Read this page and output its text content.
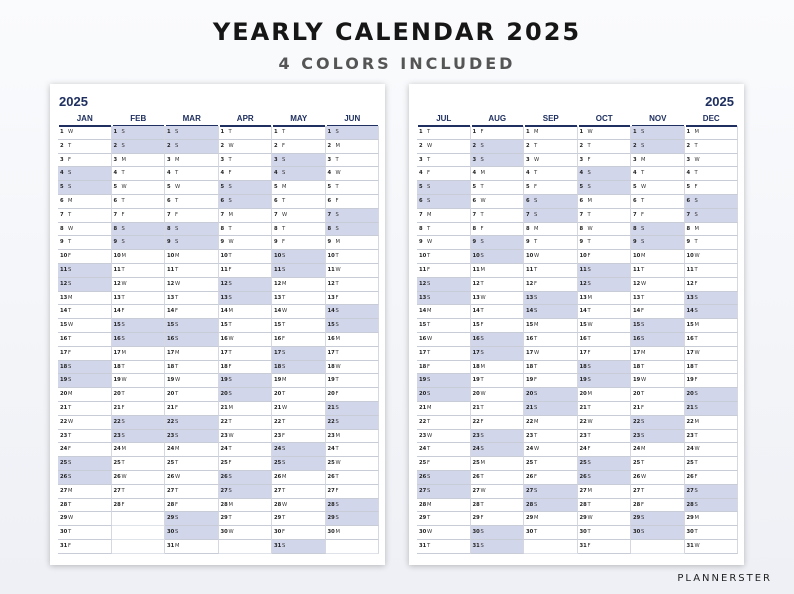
YEARLY CALENDAR 2025
4 COLORS INCLUDED
2025
JAN
1 W
2 T
3 F
4 S
5 S
6 M
7 T
8 W
9 T
10 F
11 S
12 S
13 M
14 T
15 W
16 T
17 F
18 S
19 S
20 M
21 T
22 W
23 T
24 F
25 S
26 S
27 M
28 T
29 W
30 T
31 F
FEB
1 S
2 S
3 M
4 T
5 W
6 T
7 F
8 S
9 S
10 M
11 T
12 W
13 T
14 F
15 S
16 S
17 M
18 T
19 W
20 T
21 F
22 S
23 S
24 M
25 T
26 W
27 T
28 F
MAR
1 S
2 S
3 M
4 T
5 W
6 T
7 F
8 S
9 S
10 M
11 T
12 W
13 T
14 F
15 S
16 S
17 M
18 T
19 W
20 T
21 F
22 S
23 S
24 M
25 T
26 W
27 T
28 F
29 S
30 S
31 M
APR
1 T
2 W
3 T
4 F
5 S
6 S
7 M
8 T
9 W
10 T
11 F
12 S
13 S
14 M
15 T
16 W
17 T
18 F
19 S
20 S
21 M
22 T
23 W
24 T
25 F
26 S
27 S
28 M
29 T
30 W
MAY
1 T
2 F
3 S
4 S
5 M
6 T
7 W
8 T
9 F
10 S
11 S
12 M
13 T
14 W
15 T
16 F
17 S
18 S
19 M
20 T
21 W
22 T
23 F
24 S
25 S
26 M
27 T
28 W
29 T
30 F
31 S
JUN
1 S
2 M
3 T
4 W
5 T
6 F
7 S
8 S
9 M
10 T
11 W
12 T
13 F
14 S
15 S
16 M
17 T
18 W
19 T
20 F
21 S
22 S
23 M
24 T
25 W
26 T
27 F
28 S
29 S
30 M
2025
JUL
1 T
2 W
3 T
4 F
5 S
6 S
7 M
8 T
9 W
10 T
11 F
12 S
13 S
14 M
15 T
16 W
17 T
18 F
19 S
20 S
21 M
22 T
23 W
24 T
25 F
26 S
27 S
28 M
29 T
30 W
31 T
AUG
1 F
2 S
3 S
4 M
5 T
6 W
7 T
8 F
9 S
10 S
11 M
12 T
13 W
14 T
15 F
16 S
17 S
18 M
19 T
20 W
21 T
22 F
23 S
24 S
25 M
26 T
27 W
28 T
29 F
30 S
31 S
SEP
1 M
2 T
3 W
4 T
5 F
6 S
7 S
8 M
9 T
10 W
11 T
12 F
13 S
14 S
15 M
16 T
17 W
18 T
19 F
20 S
21 S
22 M
23 T
24 W
25 T
26 F
27 S
28 S
29 M
30 T
OCT
1 W
2 T
3 F
4 S
5 S
6 M
7 T
8 W
9 T
10 F
11 S
12 S
13 M
14 T
15 W
16 T
17 F
18 S
19 S
20 M
21 T
22 W
23 T
24 F
25 S
26 S
27 M
28 T
29 W
30 T
31 F
NOV
1 S
2 S
3 M
4 T
5 W
6 T
7 F
8 S
9 S
10 M
11 T
12 W
13 T
14 F
15 S
16 S
17 M
18 T
19 W
20 T
21 F
22 S
23 S
24 M
25 T
26 W
27 T
28 F
29 S
30 S
DEC
1 M
2 T
3 W
4 T
5 F
6 S
7 S
8 M
9 T
10 W
11 T
12 F
13 S
14 S
15 M
16 T
17 W
18 T
19 F
20 S
21 S
22 M
23 T
24 W
25 T
26 F
27 S
28 S
29 M
30 T
31 W

PLANNERSTER
